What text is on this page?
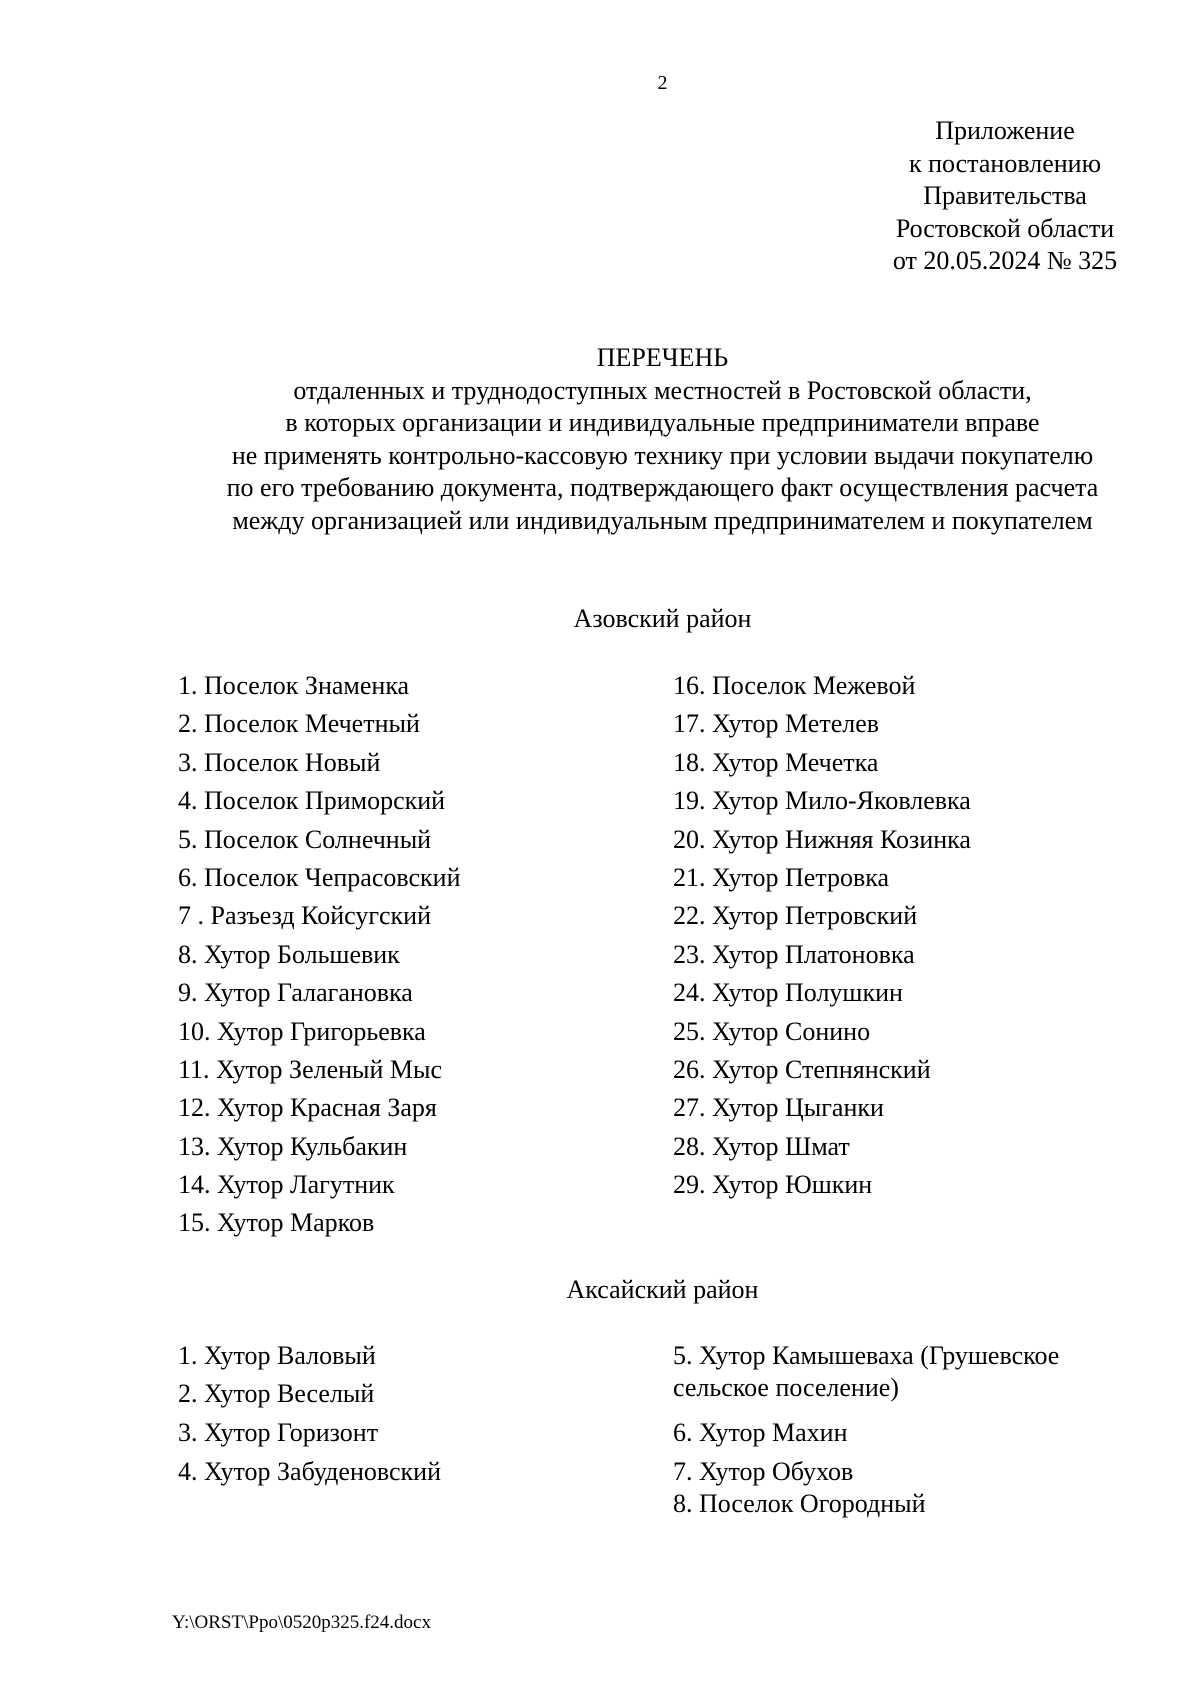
2
Приложение
к постановлению
Правительства
Ростовской области
от 20.05.2024 № 325
ПЕРЕЧЕНЬ
отдаленных и труднодоступных местностей в Ростовской области,
в которых организации и индивидуальные предприниматели вправе
не применять контрольно-кассовую технику при условии выдачи покупателю
по его требованию документа, подтверждающего факт осуществления расчета
между организацией или индивидуальным предпринимателем и покупателем
Азовский район
1. Поселок Знаменка
2. Поселок Мечетный
3. Поселок Новый
4. Поселок Приморский
5. Поселок Солнечный
6. Поселок Чепрасовский
7 . Разъезд Койсугский
8. Хутор Большевик
9. Хутор Галагановка
10. Хутор Григорьевка
11. Хутор Зеленый Мыс
12. Хутор Красная Заря
13. Хутор Кульбакин
14. Хутор Лагутник
15. Хутор Марков
16. Поселок Межевой
17. Хутор Метелев
18. Хутор Мечетка
19. Хутор Мило-Яковлевка
20. Хутор Нижняя Козинка
21. Хутор Петровка
22. Хутор Петровский
23. Хутор Платоновка
24. Хутор Полушкин
25. Хутор Сонино
26. Хутор Степнянский
27. Хутор Цыганки
28. Хутор Шмат
29. Хутор Юшкин
Аксайский район
1. Хутор Валовый
2. Хутор Веселый
3. Хутор Горизонт
4. Хутор Забуденовский
5. Хутор Камышеваха (Грушевское
сельское поселение)
6. Хутор Махин
7. Хутор Обухов
8. Поселок Огородный
Y:\ORST\Ppo\0520p325.f24.docx
